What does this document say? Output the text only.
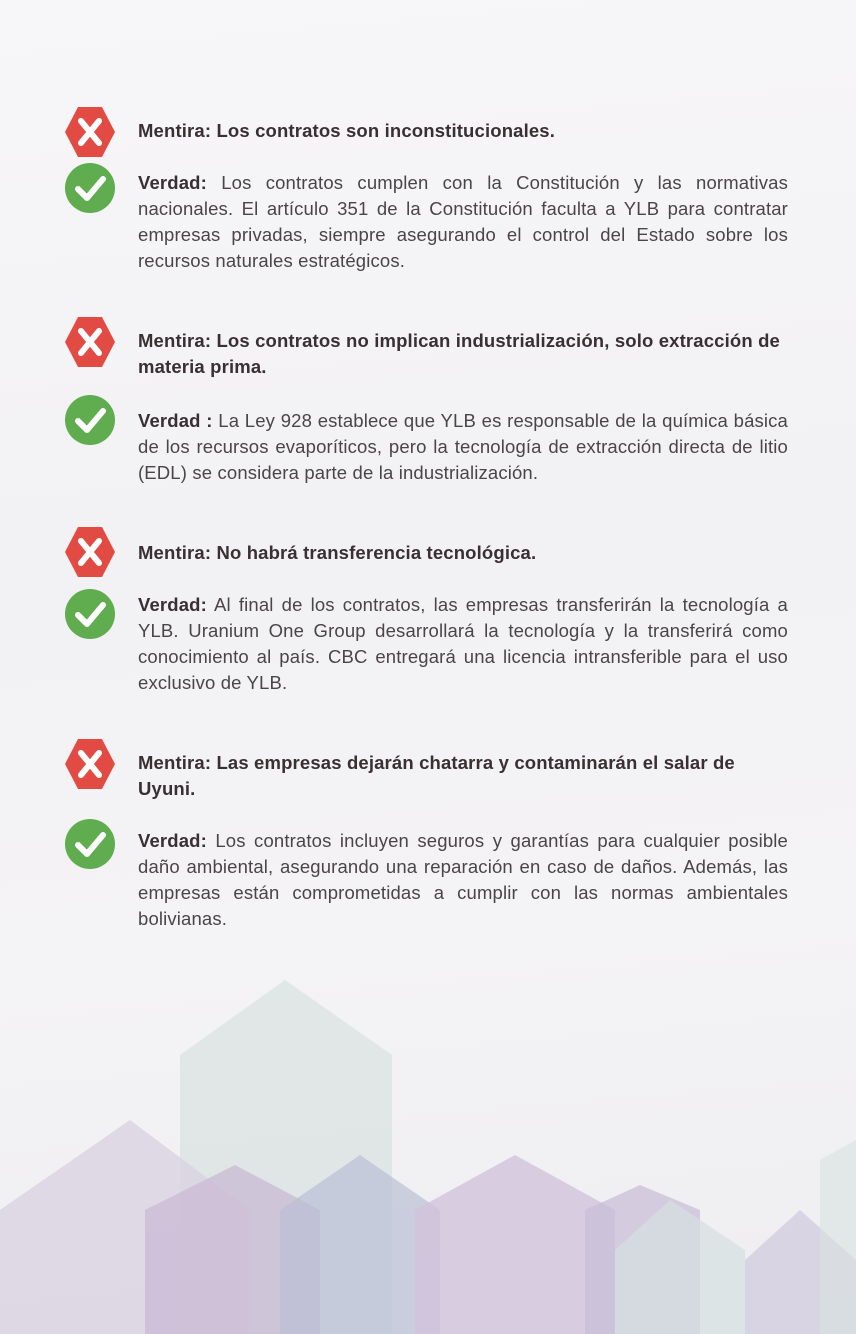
Mentira: Los contratos son inconstitucionales.
Verdad: Los contratos cumplen con la Constitución y las normativas nacionales. El artículo 351 de la Constitución faculta a YLB para contratar empresas privadas, siempre asegurando el control del Estado sobre los recursos naturales estratégicos.
Mentira: Los contratos no implican industrialización, solo extracción de materia prima.
Verdad : La Ley 928 establece que YLB es responsable de la química básica de los recursos evaporíticos, pero la tecnología de extracción directa de litio (EDL) se considera parte de la industrialización.
Mentira: No habrá transferencia tecnológica.
Verdad: Al final de los contratos, las empresas transferirán la tecnología a YLB. Uranium One Group desarrollará la tecnología y la transferirá como conocimiento al país. CBC entregará una licencia intransferible para el uso exclusivo de YLB.
Mentira: Las empresas dejarán chatarra y contaminarán el salar de Uyuni.
Verdad: Los contratos incluyen seguros y garantías para cualquier posible daño ambiental, asegurando una reparación en caso de daños. Además, las empresas están comprometidas a cumplir con las normas ambientales bolivianas.
